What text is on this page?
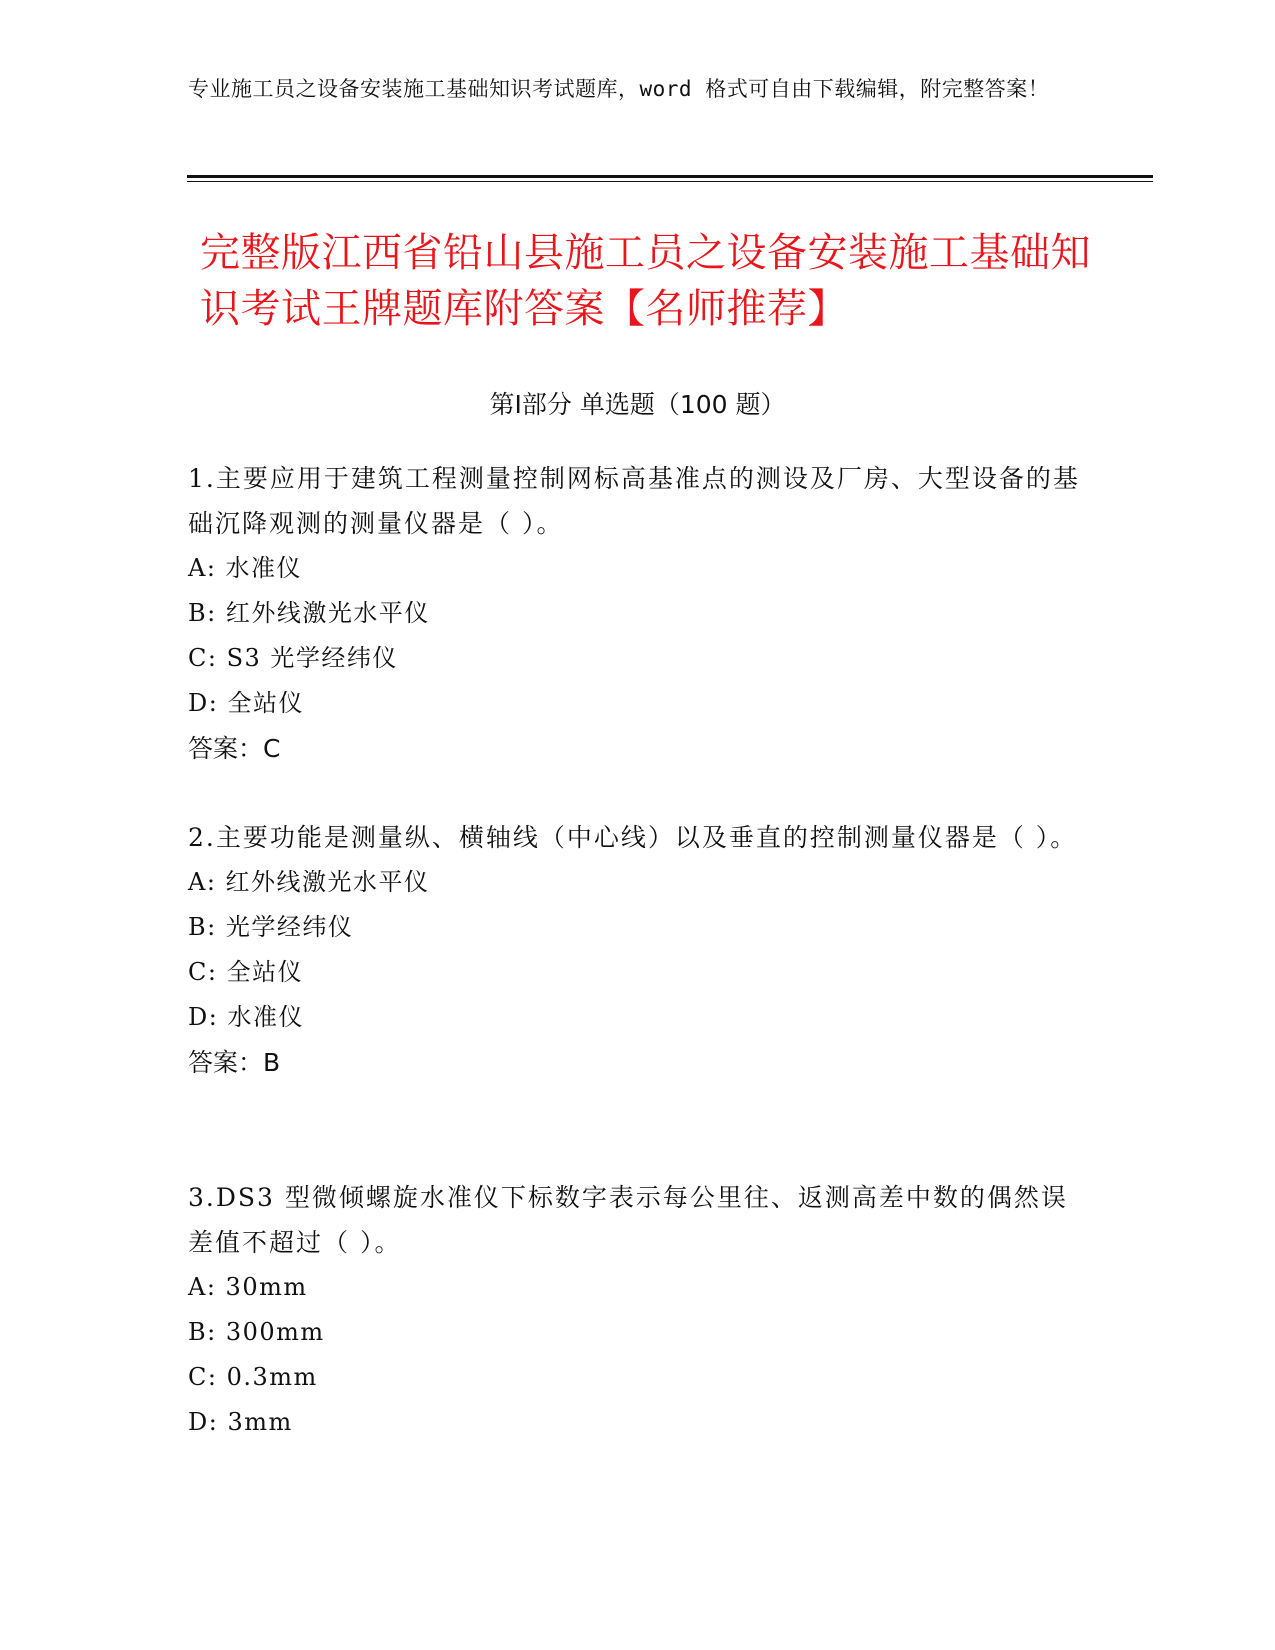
专业施工员之设备安装施工基础知识考试题库，word 格式可自由下载编辑，附完整答案！
完整版江西省铅山县施工员之设备安装施工基础知识考试王牌题库附答案【名师推荐】
第Ⅰ部分 单选题（100 题）

1.主要应用于建筑工程测量控制网标高基准点的测设及厂房、大型设备的基础沉降观测的测量仪器是（ ）。

A: 水准仪

B: 红外线激光水平仪

C: S3 光学经纬仪

D: 全站仪

答案：C

2.主要功能是测量纵、横轴线（中心线）以及垂直的控制测量仪器是（ ）。

A: 红外线激光水平仪

B: 光学经纬仪

C: 全站仪

D: 水准仪

答案：B

3.DS3 型微倾螺旋水准仪下标数字表示每公里往、返测高差中数的偶然误差值不超过（ ）。

A: 30mm

B: 300mm

C: 0.3mm

D: 3mm
